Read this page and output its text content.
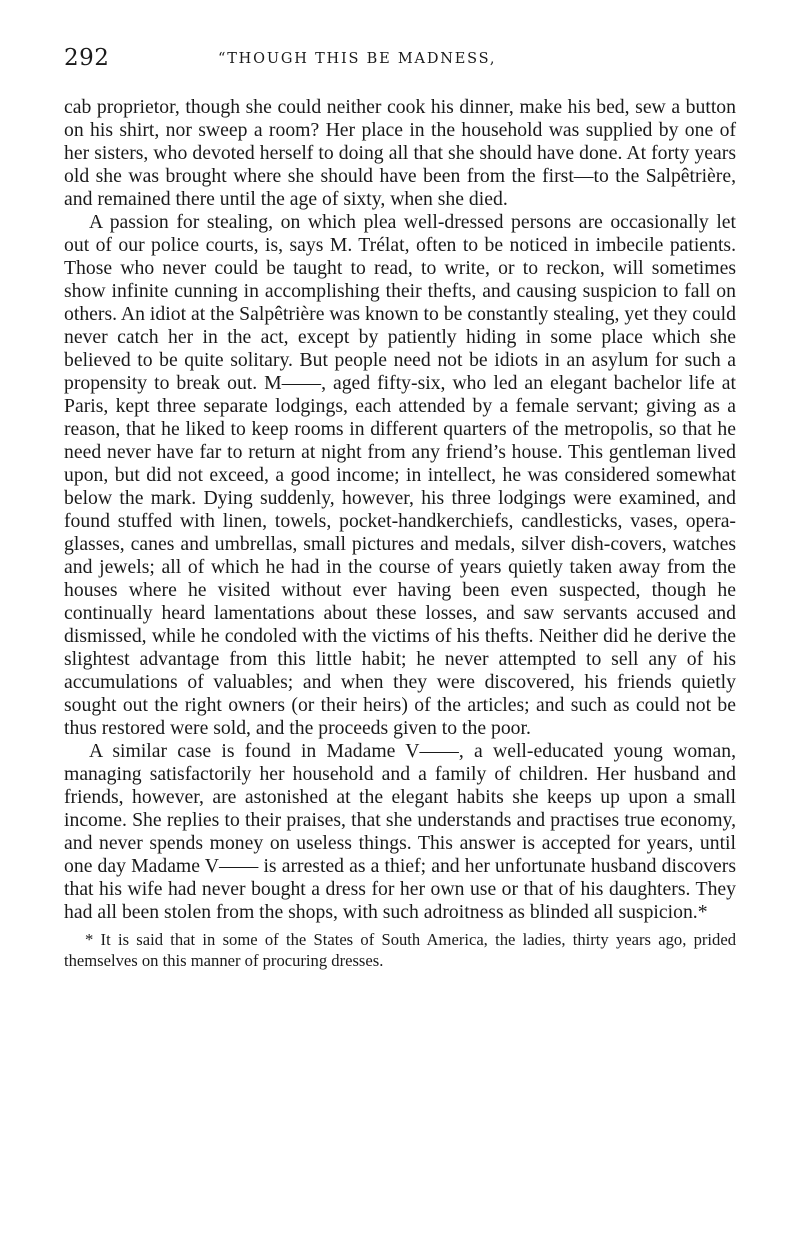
292	“THOUGH THIS BE MADNESS,

cab proprietor, though she could neither cook his dinner, make his bed, sew a button on his shirt, nor sweep a room? Her place in the household was supplied by one of her sisters, who devoted herself to doing all that she should have done. At forty years old she was brought where she should have been from the first—to the Salpêtrière, and remained there until the age of sixty, when she died.

A passion for stealing, on which plea well-dressed persons are occasionally let out of our police courts, is, says M. Trélat, often to be noticed in imbecile patients. Those who never could be taught to read, to write, or to reckon, will sometimes show infinite cunning in accomplishing their thefts, and causing suspicion to fall on others. An idiot at the Salpêtrière was known to be constantly stealing, yet they could never catch her in the act, except by patiently hiding in some place which she believed to be quite solitary. But people need not be idiots in an asylum for such a propensity to break out. M——, aged fifty-six, who led an elegant bachelor life at Paris, kept three separate lodgings, each attended by a female servant; giving as a reason, that he liked to keep rooms in different quarters of the metropolis, so that he need never have far to return at night from any friend’s house. This gentleman lived upon, but did not exceed, a good income; in intellect, he was considered somewhat below the mark. Dying suddenly, however, his three lodgings were examined, and found stuffed with linen, towels, pocket-handkerchiefs, candlesticks, vases, opera-glasses, canes and umbrellas, small pictures and medals, silver dish-covers, watches and jewels; all of which he had in the course of years quietly taken away from the houses where he visited without ever having been even suspected, though he continually heard lamentations about these losses, and saw servants accused and dismissed, while he condoled with the victims of his thefts. Neither did he derive the slightest advantage from this little habit; he never attempted to sell any of his accumulations of valuables; and when they were discovered, his friends quietly sought out the right owners (or their heirs) of the articles; and such as could not be thus restored were sold, and the proceeds given to the poor.

A similar case is found in Madame V——, a well-educated young woman, managing satisfactorily her household and a family of children. Her husband and friends, however, are astonished at the elegant habits she keeps up upon a small income. She replies to their praises, that she understands and practises true economy, and never spends money on useless things. This answer is accepted for years, until one day Madame V—— is arrested as a thief; and her unfortunate husband discovers that his wife had never bought a dress for her own use or that of his daughters. They had all been stolen from the shops, with such adroitness as blinded all suspicion.*

* It is said that in some of the States of South America, the ladies, thirty years ago, prided themselves on this manner of procuring dresses.
